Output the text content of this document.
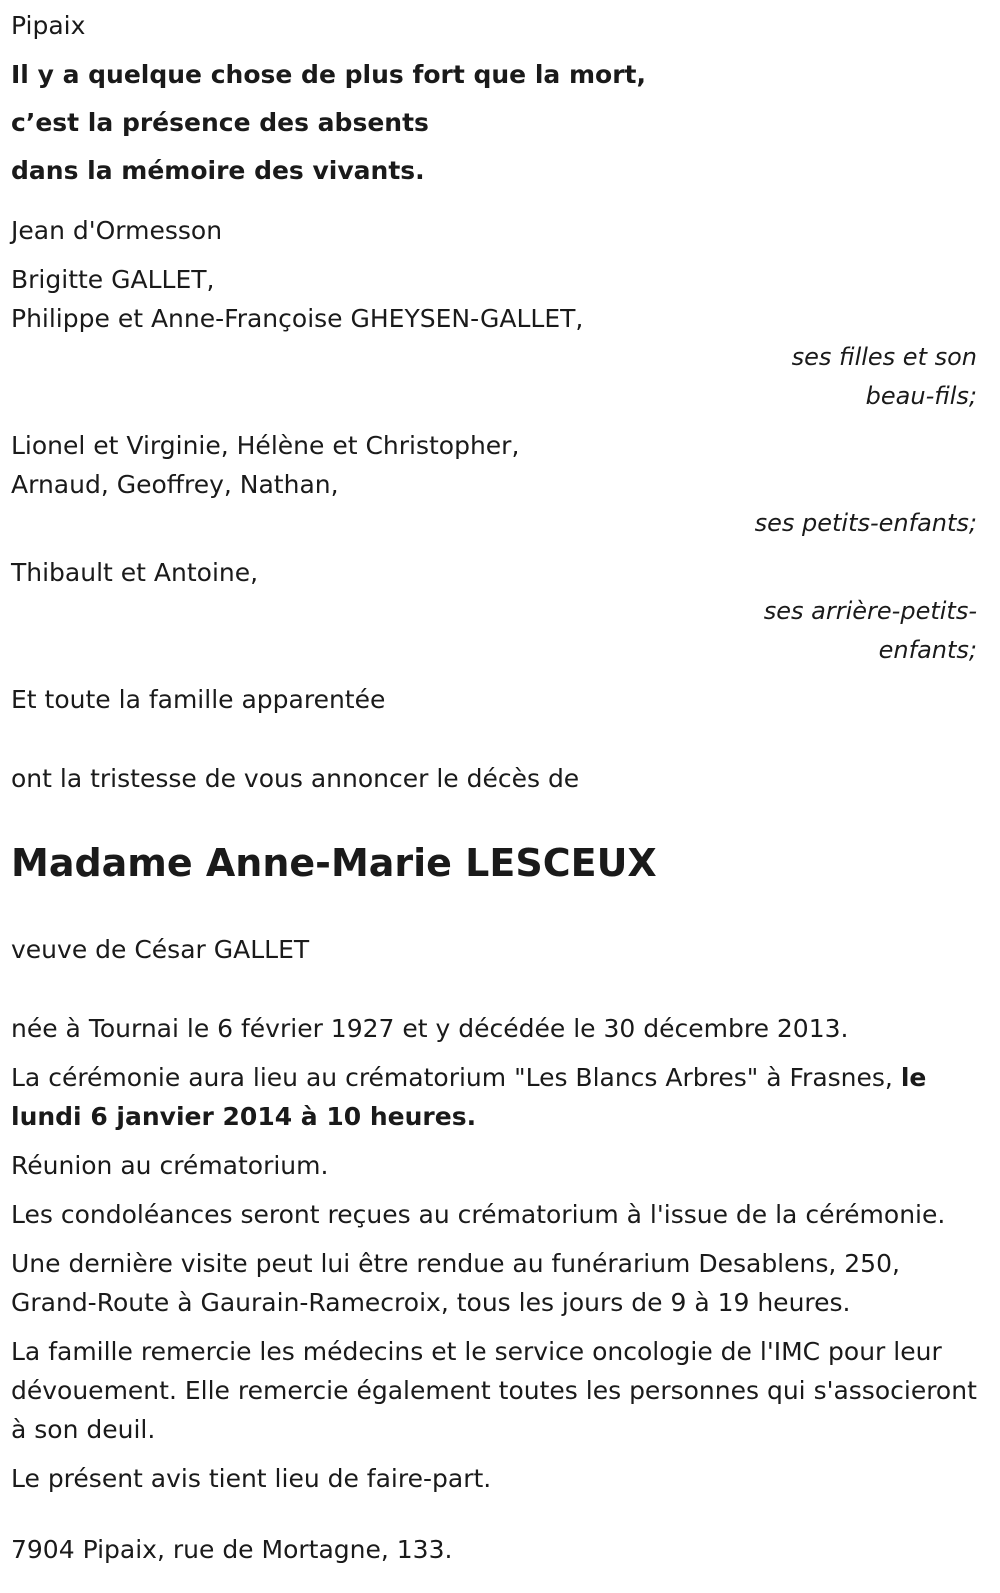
Pipaix

Il y a quelque chose de plus fort que la mort,

c’est la présence des absents

dans la mémoire des vivants.

Jean d'Ormesson

Brigitte GALLET,

Philippe et Anne-Françoise GHEYSEN-GALLET,

ses filles et son

beau-fils;

Lionel et Virginie, Hélène et Christopher,

Arnaud, Geoffrey, Nathan,

ses petits-enfants;

Thibault et Antoine,

ses arrière-petits-

enfants;

Et toute la famille apparentée

ont la tristesse de vous annoncer le décès de

Madame Anne-Marie LESCEUX

veuve de César GALLET

née à Tournai le 6 février 1927 et y décédée le 30 décembre 2013.

La cérémonie aura lieu au crématorium "Les Blancs Arbres" à Frasnes, le lundi 6 janvier 2014 à 10 heures.

Réunion au crématorium.

Les condoléances seront reçues au crématorium à l'issue de la cérémonie.

Une dernière visite peut lui être rendue au funérarium Desablens, 250, Grand-Route à Gaurain-Ramecroix, tous les jours de 9 à 19 heures.

La famille remercie les médecins et le service oncologie de l'IMC pour leur dévouement. Elle remercie également toutes les personnes qui s'associeront à son deuil.

Le présent avis tient lieu de faire-part.

7904 Pipaix, rue de Mortagne, 133.
